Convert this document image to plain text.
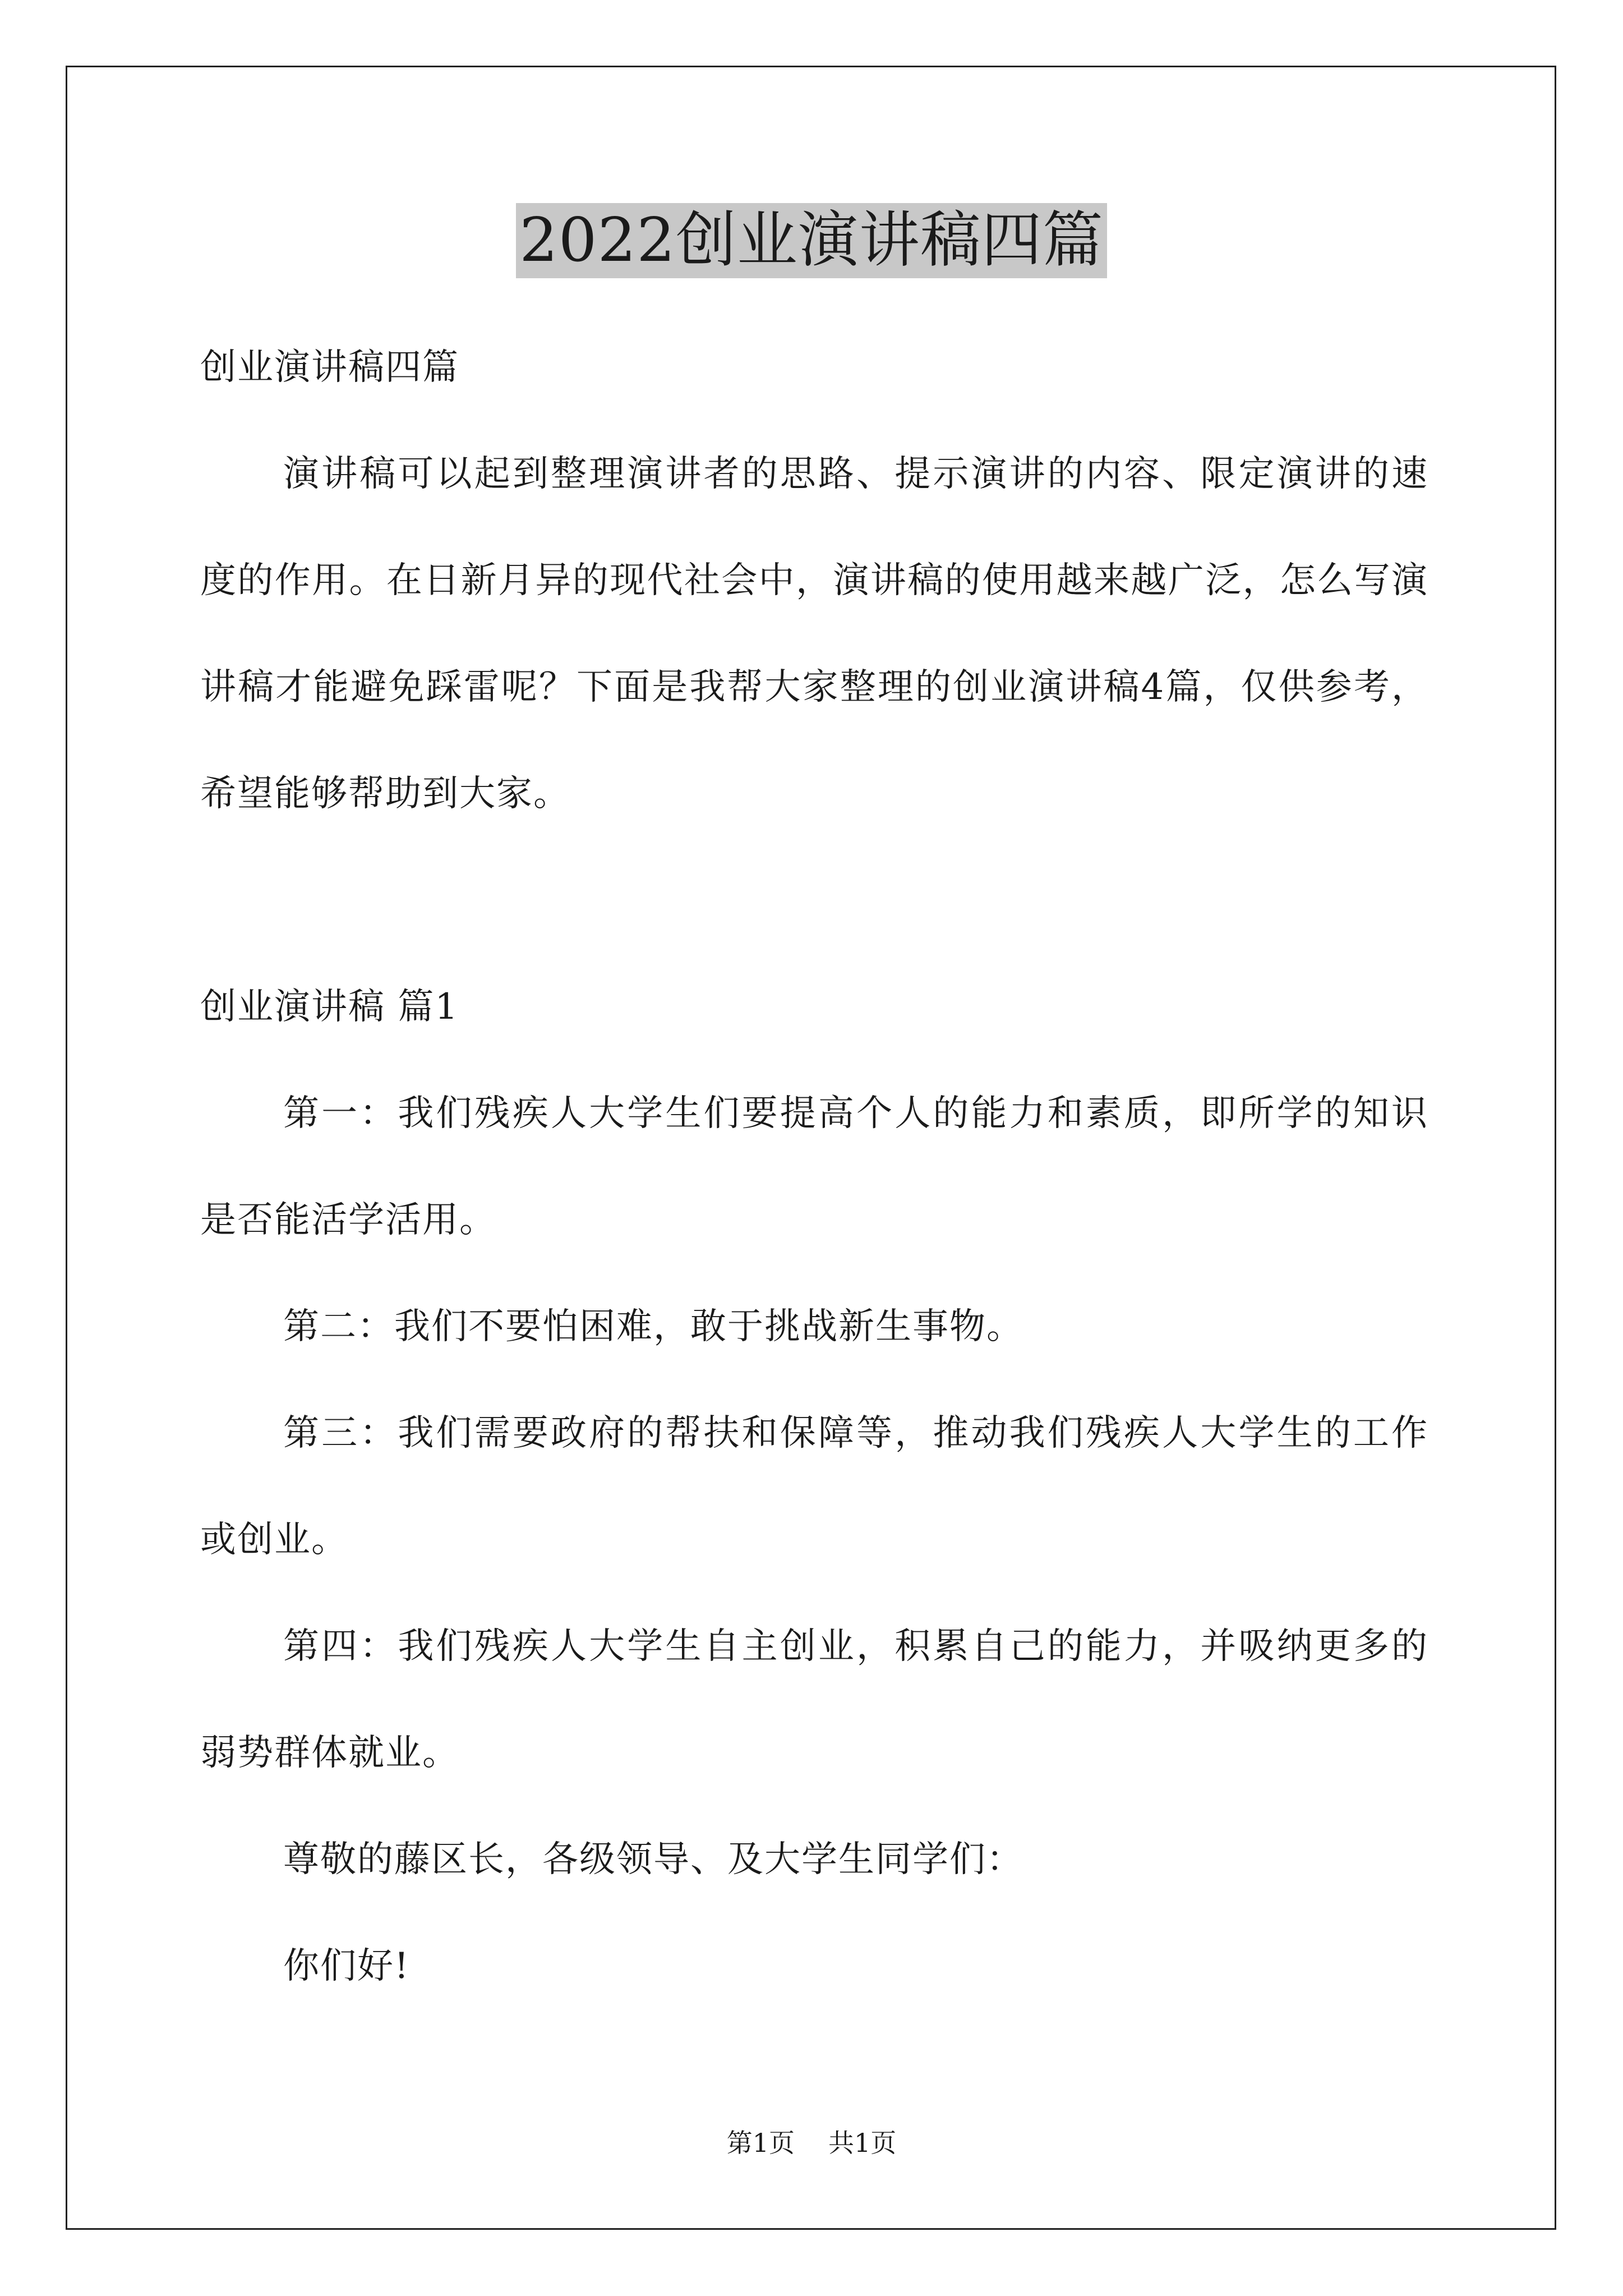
2022创业演讲稿四篇

创业演讲稿四篇

演讲稿可以起到整理演讲者的思路、提示演讲的内容、限定演讲的速度的作用。在日新月异的现代社会中，演讲稿的使用越来越广泛，怎么写演讲稿才能避免踩雷呢？下面是我帮大家整理的创业演讲稿4篇，仅供参考，希望能够帮助到大家。

创业演讲稿 篇1

第一：我们残疾人大学生们要提高个人的能力和素质，即所学的知识是否能活学活用。

第二：我们不要怕困难，敢于挑战新生事物。

第三：我们需要政府的帮扶和保障等，推动我们残疾人大学生的工作或创业。

第四：我们残疾人大学生自主创业，积累自己的能力，并吸纳更多的弱势群体就业。

尊敬的藤区长，各级领导、及大学生同学们：

你们好!

第1页 共1页
